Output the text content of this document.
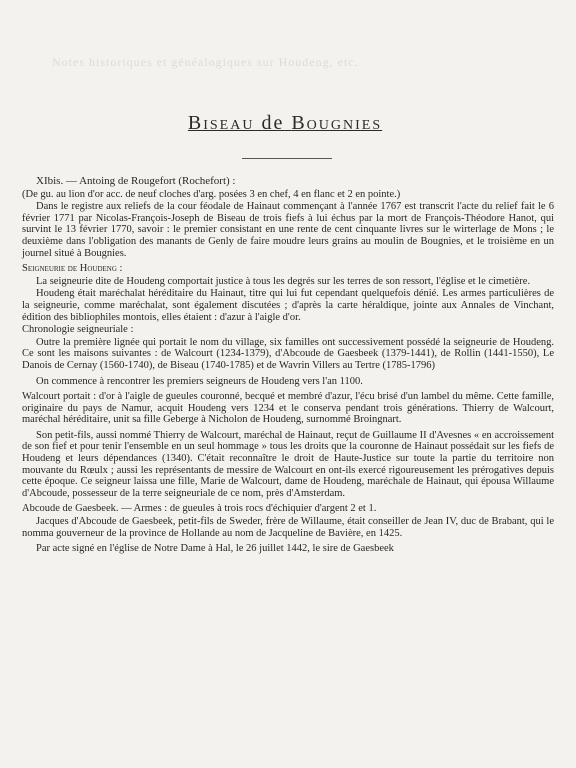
Notes historiques et généalogiques sur Houdeng, etc.
Biseau de Bougnies

XIbis. — Antoing de Rougefort (Rochefort) :

(De gu. au lion d'or acc. de neuf cloches d'arg. posées 3 en chef, 4 en flanc et 2 en pointe.)

Dans le registre aux reliefs de la cour féodale de Hainaut commençant à l'année 1767 est transcrit l'acte du relief fait le 6 février 1771 par Nicolas-François-Joseph de Biseau de trois fiefs à lui échus par la mort de François-Théodore Hanot, qui survint le 13 février 1770, savoir : le premier consistant en une rente de cent cinquante livres sur le wirterlage de Mons ; le deuxième dans l'obligation des manants de Genly de faire moudre leurs grains au moulin de Bougnies, et le troisième en un journel situé à Bougnies.

Seigneurie de Houdeng :

La seigneurie dite de Houdeng comportait justice à tous les degrés sur les terres de son ressort, l'église et le cimetière.

Houdeng était maréchalat héréditaire du Hainaut, titre qui lui fut cependant quelquefois dénié. Les armes particulières de la seigneurie, comme maréchalat, sont également discutées ; d'après la carte héraldique, jointe aux Annales de Vinchant, édition des bibliophiles montois, elles étaient : d'azur à l'aigle d'or.

Chronologie seigneuriale :

Outre la première lignée qui portait le nom du village, six familles ont successivement possédé la seigneurie de Houdeng. Ce sont les maisons suivantes : de Walcourt (1234-1379), d'Abcoude de Gaesbeek (1379-1441), de Rollin (1441-1550), Le Danois de Cernay (1560-1740), de Biseau (1740-1785) et de Wavrin Villers au Tertre (1785-1796)

On commence à rencontrer les premiers seigneurs de Houdeng vers l'an 1100.

Walcourt portait : d'or à l'aigle de gueules couronné, becqué et membré d'azur, l'écu brisé d'un lambel du même. Cette famille, originaire du pays de Namur, acquit Houdeng vers 1234 et le conserva pendant trois générations. Thierry de Walcourt, maréchal héréditaire, unit sa fille Geberge à Nicholon de Houdeng, surnommé Broingnart.

Son petit-fils, aussi nommé Thierry de Walcourt, maréchal de Hainaut, reçut de Guillaume II d'Avesnes « en accroissement de son fief et pour tenir l'ensemble en un seul hommage » tous les droits que la couronne de Hainaut possédait sur les fiefs de Houdeng et leurs dépendances (1340). C'était reconnaître le droit de Haute-Justice sur toute la partie du territoire non mouvante du Rœulx ; aussi les représentants de messire de Walcourt en ont-ils exercé rigoureusement les prérogatives depuis cette époque. Ce seigneur laissa une fille, Marie de Walcourt, dame de Houdeng, maréchale de Hainaut, qui épousa Willaume d'Abcoude, possesseur de la terre seigneuriale de ce nom, près d'Amsterdam.

Abcoude de Gaesbeek. — Armes : de gueules à trois rocs d'échiquier d'argent 2 et 1.

Jacques d'Abcoude de Gaesbeek, petit-fils de Sweder, frère de Willaume, était conseiller de Jean IV, duc de Brabant, qui le nomma gouverneur de la province de Hollande au nom de Jacqueline de Bavière, en 1425.

Par acte signé en l'église de Notre Dame à Hal, le 26 juillet 1442, le sire de Gaesbeek
